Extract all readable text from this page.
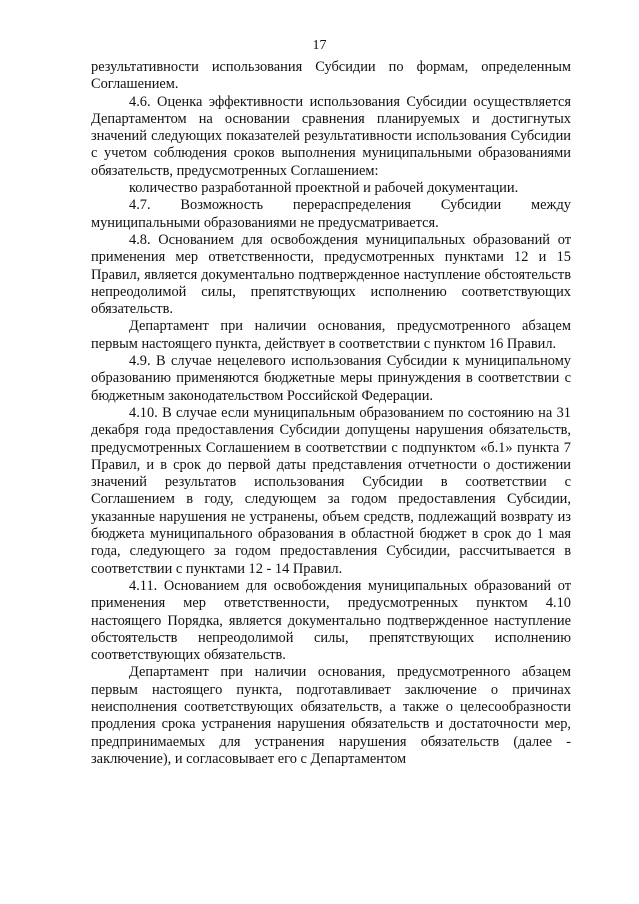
17

результативности использования Субсидии по формам, определенным Соглашением.

4.6. Оценка эффективности использования Субсидии осуществляется Департаментом на основании сравнения планируемых и достигнутых значений следующих показателей результативности использования Субсидии с учетом соблюдения сроков выполнения муниципальными образованиями обязательств, предусмотренных Соглашением:

количество разработанной проектной и рабочей документации.

4.7. Возможность перераспределения Субсидии между муниципальными образованиями не предусматривается.

4.8. Основанием для освобождения муниципальных образований от применения мер ответственности, предусмотренных пунктами 12 и 15 Правил, является документально подтвержденное наступление обстоятельств непреодолимой силы, препятствующих исполнению соответствующих обязательств.

Департамент при наличии основания, предусмотренного абзацем первым настоящего пункта, действует в соответствии с пунктом 16 Правил.

4.9. В случае нецелевого использования Субсидии к муниципальному образованию применяются бюджетные меры принуждения в соответствии с бюджетным законодательством Российской Федерации.

4.10. В случае если муниципальным образованием по состоянию на 31 декабря года предоставления Субсидии допущены нарушения обязательств, предусмотренных Соглашением в соответствии с подпунктом «б.1» пункта 7 Правил, и в срок до первой даты представления отчетности о достижении значений результатов использования Субсидии в соответствии с Соглашением в году, следующем за годом предоставления Субсидии, указанные нарушения не устранены, объем средств, подлежащий возврату из бюджета муниципального образования в областной бюджет в срок до 1 мая года, следующего за годом предоставления Субсидии, рассчитывается в соответствии с пунктами 12 - 14 Правил.

4.11. Основанием для освобождения муниципальных образований от применения мер ответственности, предусмотренных пунктом 4.10 настоящего Порядка, является документально подтвержденное наступление обстоятельств непреодолимой силы, препятствующих исполнению соответствующих обязательств.

Департамент при наличии основания, предусмотренного абзацем первым настоящего пункта, подготавливает заключение о причинах неисполнения соответствующих обязательств, а также о целесообразности продления срока устранения нарушения обязательств и достаточности мер, предпринимаемых для устранения нарушения обязательств (далее - заключение), и согласовывает его с Департаментом
